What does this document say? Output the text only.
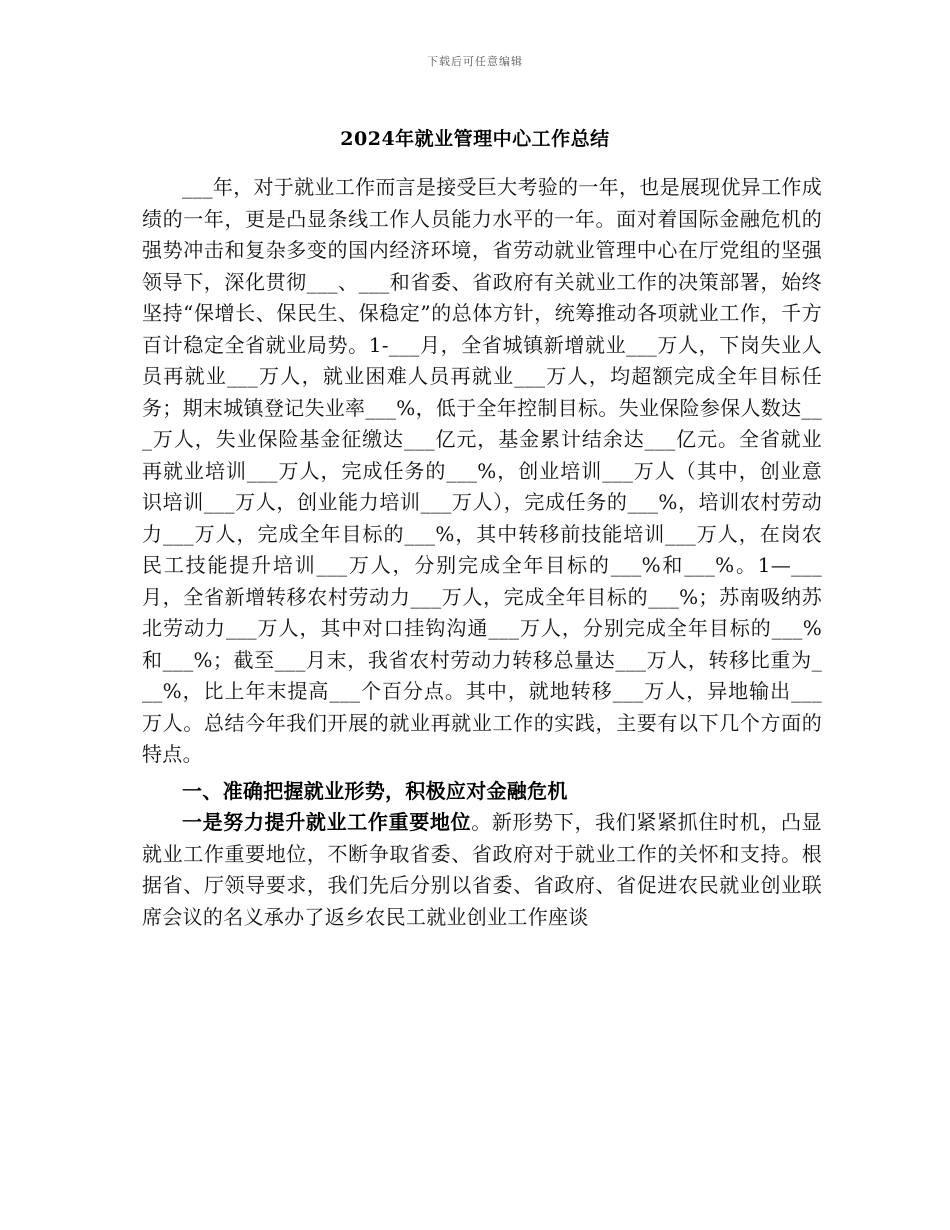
下载后可任意编辑
2024年就业管理中心工作总结

___年，对于就业工作而言是接受巨大考验的一年，也是展现优异工作成绩的一年，更是凸显条线工作人员能力水平的一年。面对着国际金融危机的强势冲击和复杂多变的国内经济环境，省劳动就业管理中心在厅党组的坚强领导下，深化贯彻___、___和省委、省政府有关就业工作的决策部署，始终坚持“保增长、保民生、保稳定”的总体方针，统筹推动各项就业工作，千方百计稳定全省就业局势。1-___月，全省城镇新增就业___万人，下岗失业人员再就业___万人，就业困难人员再就业___万人，均超额完成全年目标任务；期末城镇登记失业率___%，低于全年控制目标。失业保险参保人数达___万人，失业保险基金征缴达___亿元，基金累计结余达___亿元。全省就业再就业培训___万人，完成任务的___%，创业培训___万人（其中，创业意识培训___万人，创业能力培训___万人），完成任务的___%，培训农村劳动力___万人，完成全年目标的___%，其中转移前技能培训___万人，在岗农民工技能提升培训___万人，分别完成全年目标的___%和___%。1—___月，全省新增转移农村劳动力___万人，完成全年目标的___%；苏南吸纳苏北劳动力___万人，其中对口挂钩沟通___万人，分别完成全年目标的___%和___%；截至___月末，我省农村劳动力转移总量达___万人，转移比重为___%，比上年末提高___个百分点。其中，就地转移___万人，异地输出___万人。总结今年我们开展的就业再就业工作的实践，主要有以下几个方面的特点。

一、准确把握就业形势，积极应对金融危机

一是努力提升就业工作重要地位。新形势下，我们紧紧抓住时机，凸显就业工作重要地位，不断争取省委、省政府对于就业工作的关怀和支持。根据省、厅领导要求，我们先后分别以省委、省政府、省促进农民就业创业联席会议的名义承办了返乡农民工就业创业工作座谈
